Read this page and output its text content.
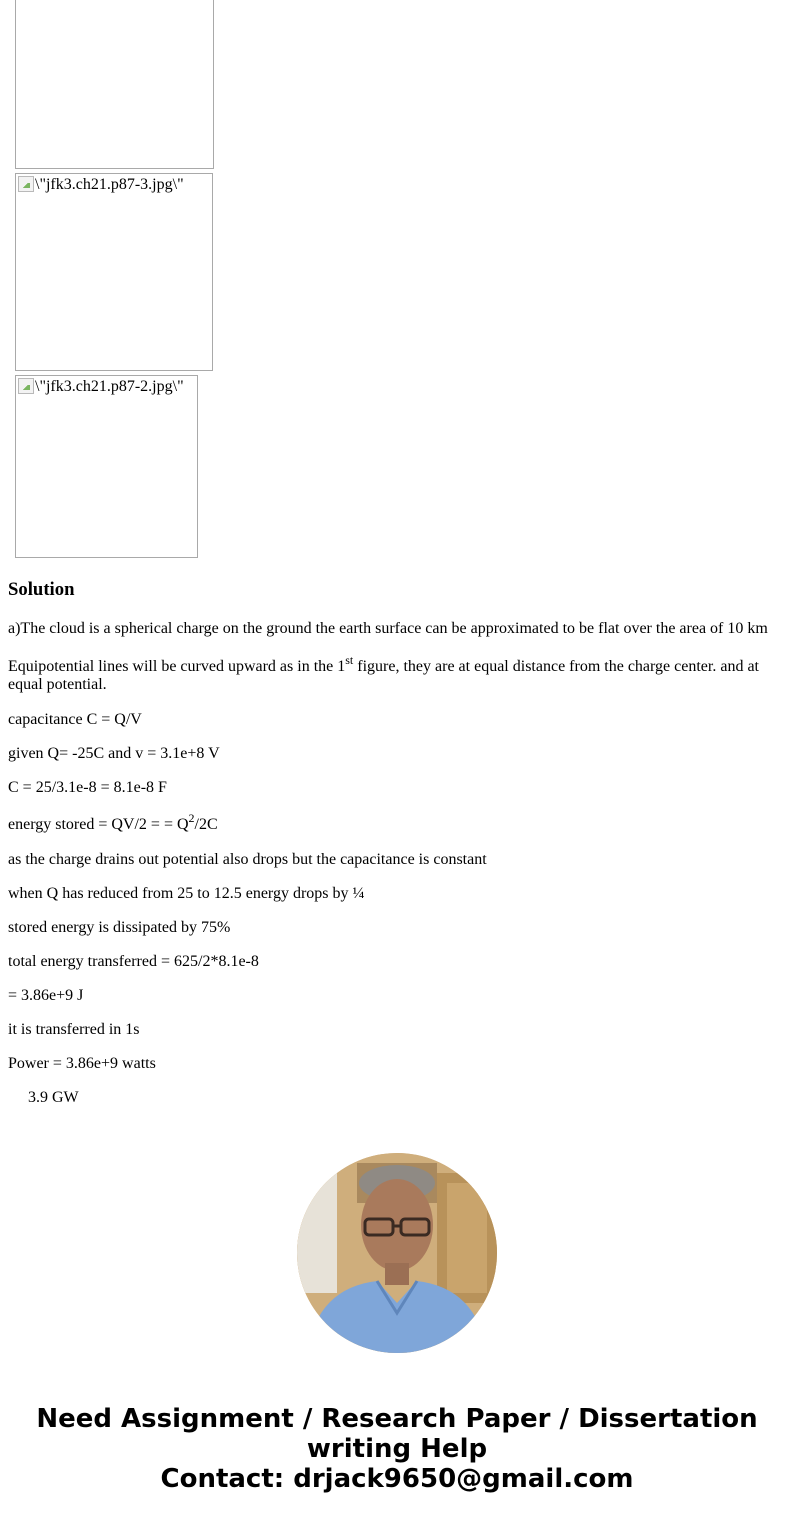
\"jfk3.ch21.p87-3.jpg\"
\"jfk3.ch21.p87-2.jpg\"
Solution

a)The cloud is a spherical charge on the ground the earth surface can be approximated to be flat over the area of 10 km

Equipotential lines will be curved upward as in the 1st figure, they are at equal distance from the charge center. and at equal potential.

capacitance C = Q/V

given Q= -25C and v = 3.1e+8 V

C = 25/3.1e-8 = 8.1e-8 F

energy stored = QV/2 = = $Q^2/2C$

as the charge drains out potential also drops but the capacitance is constant

when Q has reduced from 25 to 12.5 energy drops by ¼

stored energy is dissipated by 75%

total energy transferred = 625/2*8.1e-8

= 3.86e+9 J

it is transferred in 1s

Power = 3.86e+9 watts

3.9 GW

Need Assignment / Research Paper / Dissertation

writing Help

Contact: drjack9650@gmail.com
